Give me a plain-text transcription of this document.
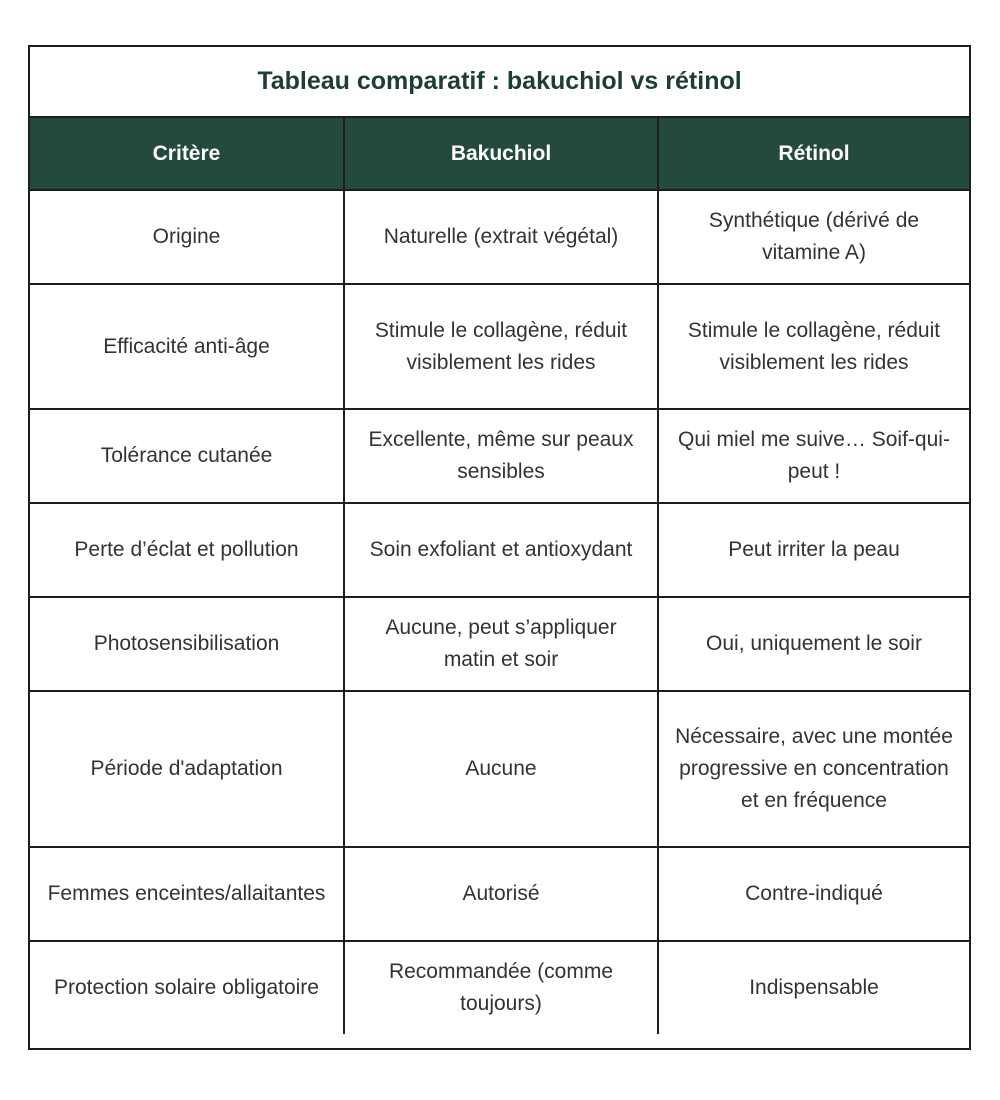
Tableau comparatif : bakuchiol vs rétinol
Critère	Bakuchiol	Rétinol
Origine	Naturelle (extrait végétal)	Synthétique (dérivé de vitamine A)
Efficacité anti-âge	Stimule le collagène, réduit visiblement les rides	Stimule le collagène, réduit visiblement les rides
Tolérance cutanée	Excellente, même sur peaux sensibles	Qui miel me suive… Soif-qui-peut !
Perte d’éclat et pollution	Soin exfoliant et antioxydant	Peut irriter la peau
Photosensibilisation	Aucune, peut s’appliquer matin et soir	Oui, uniquement le soir
Période d'adaptation	Aucune	Nécessaire, avec une montée progressive en concentration et en fréquence
Femmes enceintes/allaitantes	Autorisé	Contre-indiqué
Protection solaire obligatoire	Recommandée (comme toujours)	Indispensable
